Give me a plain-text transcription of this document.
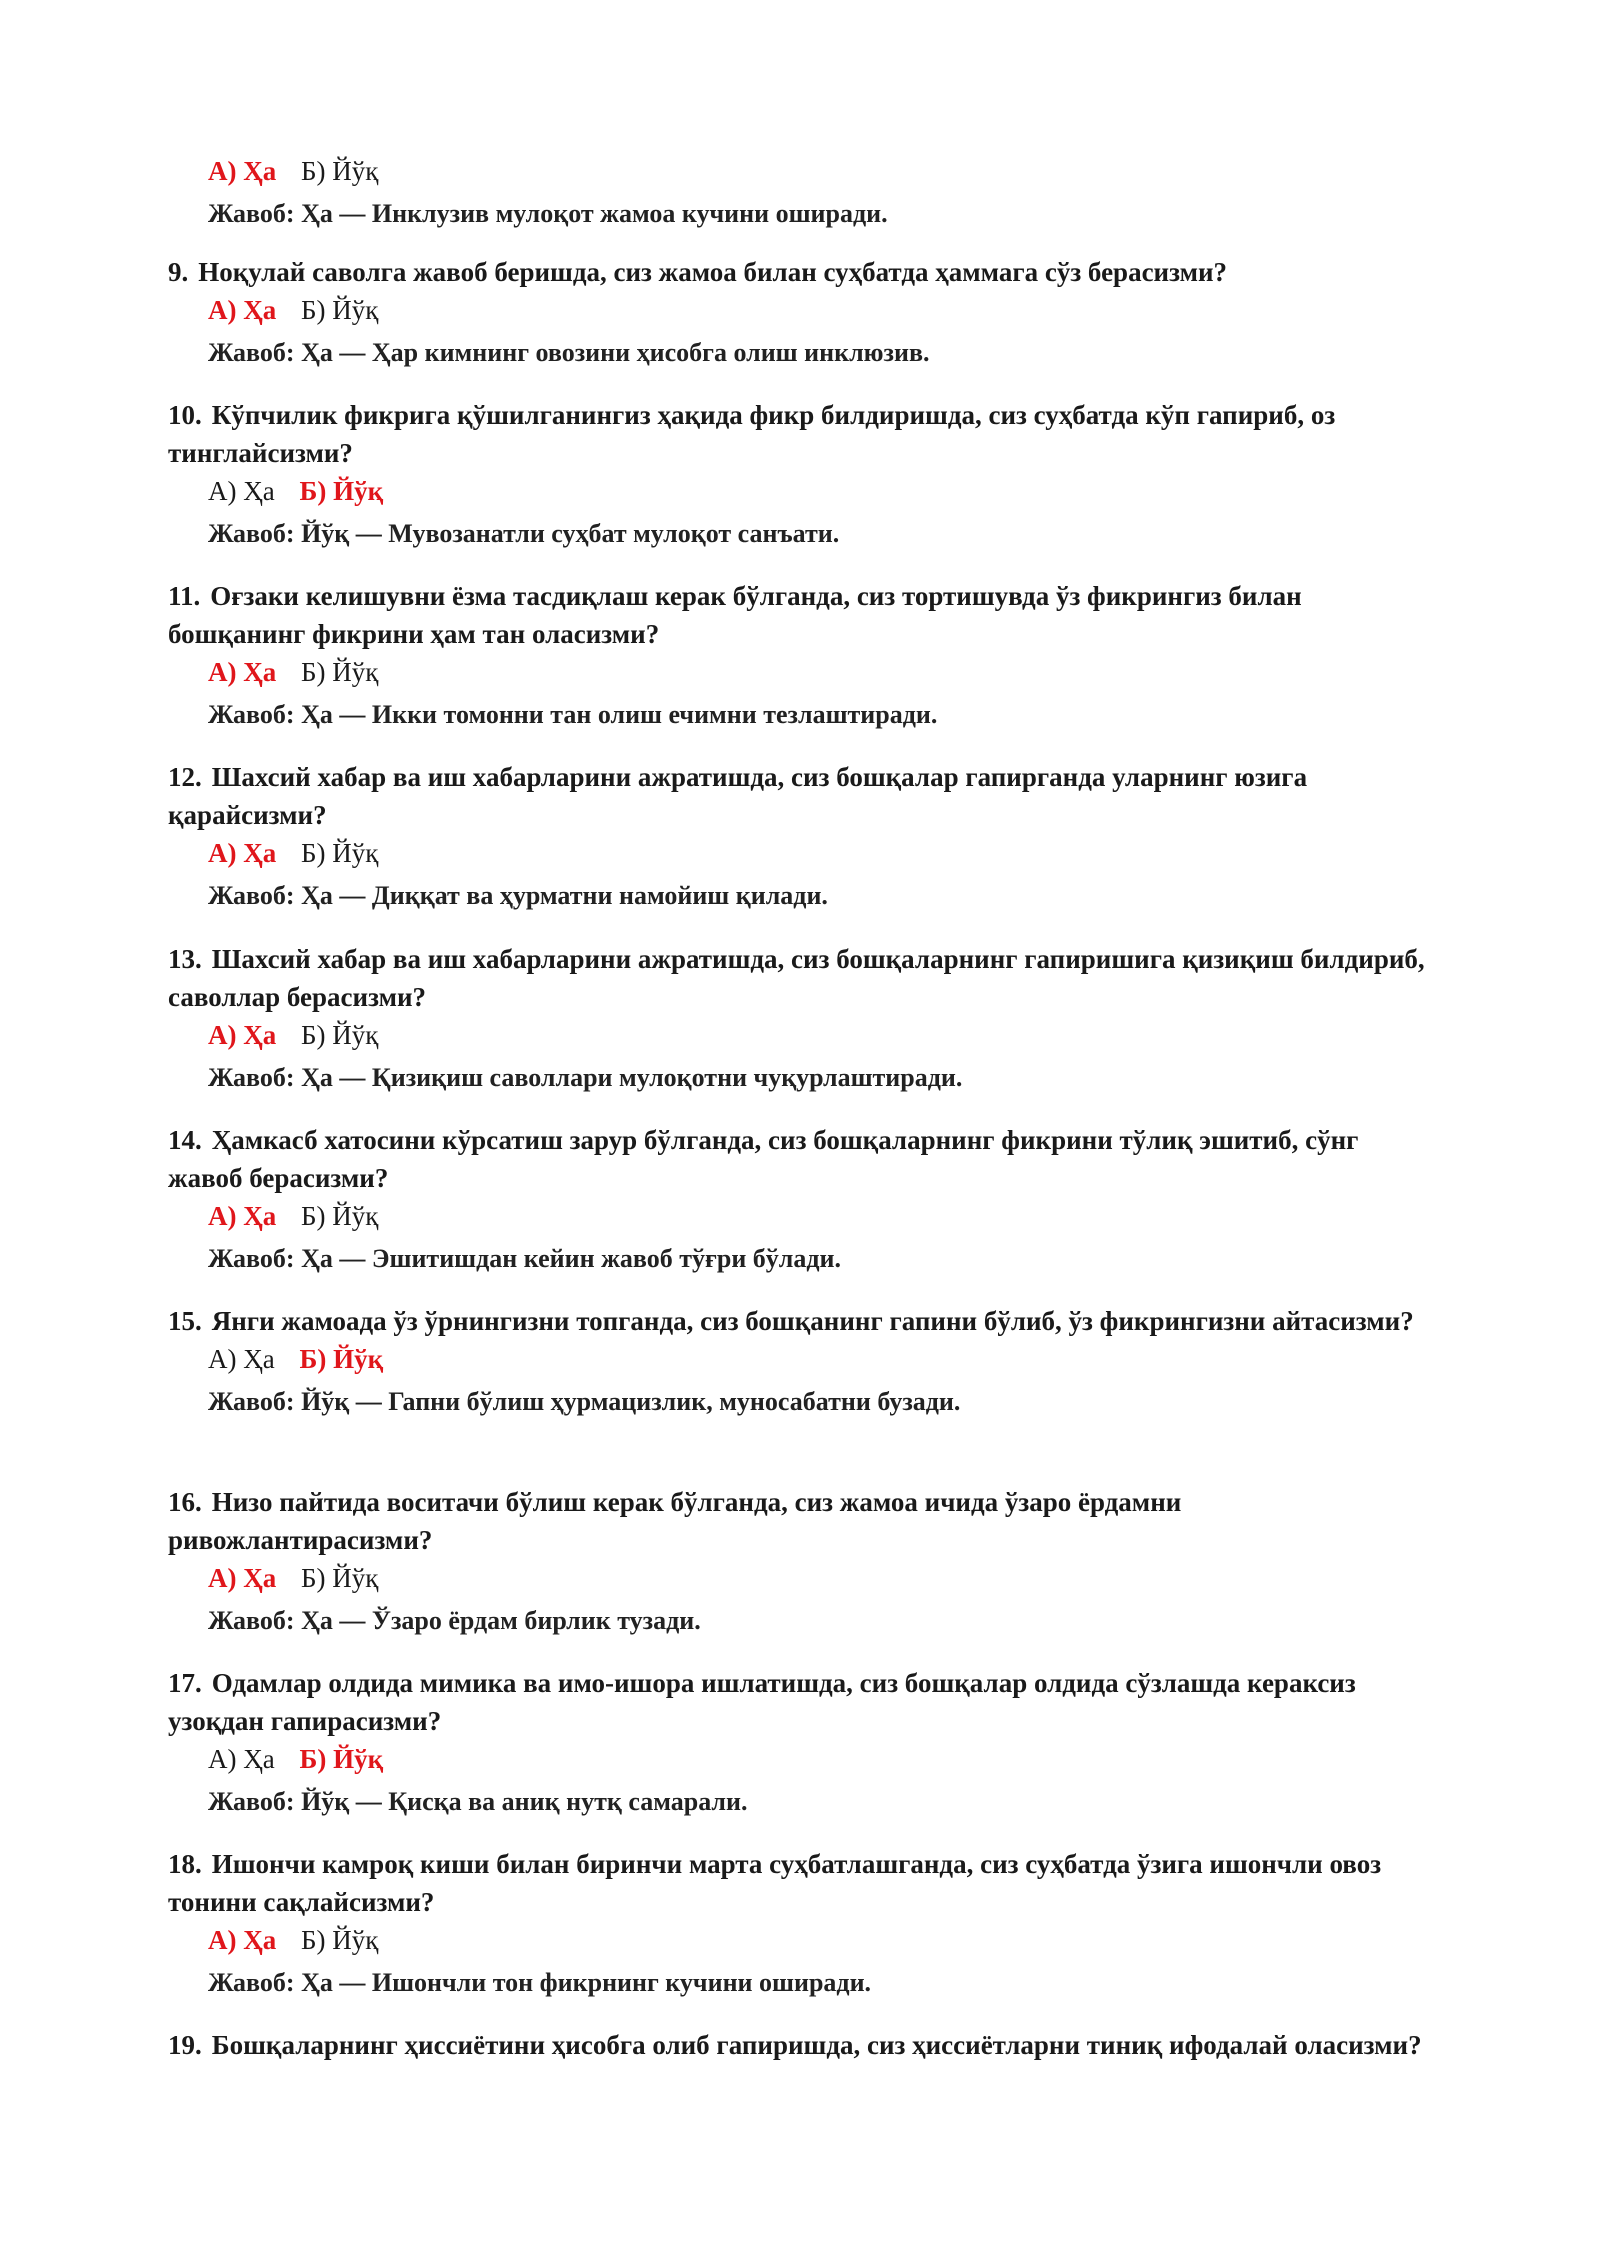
А) Ҳа Б) Йўқ
Жавоб: Ҳа — Инклузив мулоқот жамоа кучини оширади.

9. Ноқулай саволга жавоб беришда, сиз жамоа билан суҳбатда ҳаммага сўз берасизми?

А) Ҳа Б) Йўқ
Жавоб: Ҳа — Ҳар кимнинг овозини ҳисобга олиш инклюзив.

10. Кўпчилик фикрига қўшилганингиз ҳақида фикр билдиришда, сиз суҳбатда кўп гапириб, оз тинглайсизми?

А) Ҳа Б) Йўқ
Жавоб: Йўқ — Мувозанатли суҳбат мулоқот санъати.

11. Оғзаки келишувни ёзма тасдиқлаш керак бўлганда, сиз тортишувда ўз фикрингиз билан бошқанинг фикрини ҳам тан оласизми?

А) Ҳа Б) Йўқ
Жавоб: Ҳа — Икки томонни тан олиш ечимни тезлаштиради.

12. Шахсий хабар ва иш хабарларини ажратишда, сиз бошқалар гапирганда уларнинг юзига қарайсизми?

А) Ҳа Б) Йўқ
Жавоб: Ҳа — Диққат ва ҳурматни намойиш қилади.

13. Шахсий хабар ва иш хабарларини ажратишда, сиз бошқаларнинг гапиришига қизиқиш билдириб, саволлар берасизми?

А) Ҳа Б) Йўқ
Жавоб: Ҳа — Қизиқиш саволлари мулоқотни чуқурлаштиради.

14. Ҳамкасб хатосини кўрсатиш зарур бўлганда, сиз бошқаларнинг фикрини тўлиқ эшитиб, сўнг жавоб берасизми?

А) Ҳа Б) Йўқ
Жавоб: Ҳа — Эшитишдан кейин жавоб тўғри бўлади.

15. Янги жамоада ўз ўрнингизни топганда, сиз бошқанинг гапини бўлиб, ўз фикрингизни айтасизми?

А) Ҳа Б) Йўқ
Жавоб: Йўқ — Гапни бўлиш ҳурмацизлик, муносабатни бузади.

16. Низо пайтида воситачи бўлиш керак бўлганда, сиз жамоа ичида ўзаро ёрдамни ривожлантирасизми?

А) Ҳа Б) Йўқ
Жавоб: Ҳа — Ўзаро ёрдам бирлик тузади.

17. Одамлар олдида мимика ва имо-ишора ишлатишда, сиз бошқалар олдида сўзлашда кераксиз узоқдан гапирасизми?

А) Ҳа Б) Йўқ
Жавоб: Йўқ — Қисқа ва аниқ нутқ самарали.

18. Ишончи камроқ киши билан биринчи марта суҳбатлашганда, сиз суҳбатда ўзига ишончли овоз тонини сақлайсизми?

А) Ҳа Б) Йўқ
Жавоб: Ҳа — Ишончли тон фикрнинг кучини оширади.

19. Бошқаларнинг ҳиссиётини ҳисобга олиб гапиришда, сиз ҳиссиётларни тиниқ ифодалай оласизми?
